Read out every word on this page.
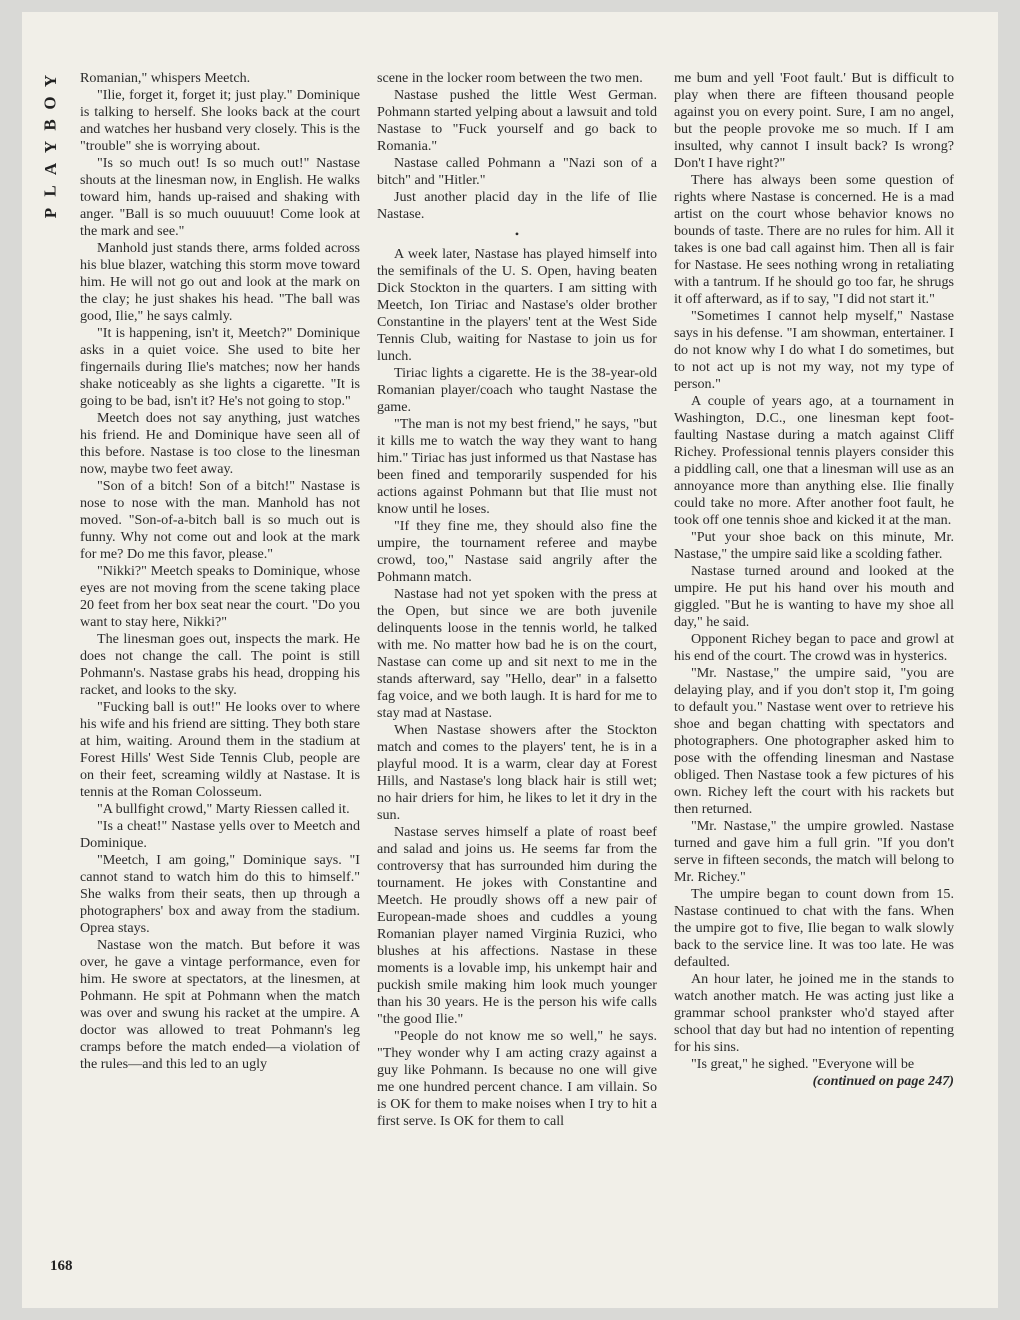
Y
O
B
Y
A
L
P

Romanian," whispers Meetch.

"Ilie, forget it, forget it; just play." Dominique is talking to herself. She looks back at the court and watches her husband very closely. This is the "trouble" she is worrying about.

"Is so much out! Is so much out!" Nastase shouts at the linesman now, in English. He walks toward him, hands up-raised and shaking with anger. "Ball is so much ouuuuut! Come look at the mark and see."

Manhold just stands there, arms folded across his blue blazer, watching this storm move toward him. He will not go out and look at the mark on the clay; he just shakes his head. "The ball was good, Ilie," he says calmly.

"It is happening, isn't it, Meetch?" Dominique asks in a quiet voice. She used to bite her fingernails during Ilie's matches; now her hands shake noticeably as she lights a cigarette. "It is going to be bad, isn't it? He's not going to stop."

Meetch does not say anything, just watches his friend. He and Dominique have seen all of this before. Nastase is too close to the linesman now, maybe two feet away.

"Son of a bitch! Son of a bitch!" Nastase is nose to nose with the man. Manhold has not moved. "Son-of-a-bitch ball is so much out is funny. Why not come out and look at the mark for me? Do me this favor, please."

"Nikki?" Meetch speaks to Dominique, whose eyes are not moving from the scene taking place 20 feet from her box seat near the court. "Do you want to stay here, Nikki?"

The linesman goes out, inspects the mark. He does not change the call. The point is still Pohmann's. Nastase grabs his head, dropping his racket, and looks to the sky.

"Fucking ball is out!" He looks over to where his wife and his friend are sitting. They both stare at him, waiting. Around them in the stadium at Forest Hills' West Side Tennis Club, people are on their feet, screaming wildly at Nastase. It is tennis at the Roman Colosseum.

"A bullfight crowd," Marty Riessen called it.

"Is a cheat!" Nastase yells over to Meetch and Dominique.

"Meetch, I am going," Dominique says. "I cannot stand to watch him do this to himself." She walks from their seats, then up through a photographers' box and away from the stadium. Oprea stays.

Nastase won the match. But before it was over, he gave a vintage performance, even for him. He swore at spectators, at the linesmen, at Pohmann. He spit at Pohmann when the match was over and swung his racket at the umpire. A doctor was allowed to treat Pohmann's leg cramps before the match ended—a violation of the rules—and this led to an ugly

scene in the locker room between the two men.

Nastase pushed the little West German. Pohmann started yelping about a lawsuit and told Nastase to "Fuck yourself and go back to Romania."

Nastase called Pohmann a "Nazi son of a bitch" and "Hitler."

Just another placid day in the life of Ilie Nastase.

•

A week later, Nastase has played himself into the semifinals of the U. S. Open, having beaten Dick Stockton in the quarters. I am sitting with Meetch, Ion Tiriac and Nastase's older brother Constantine in the players' tent at the West Side Tennis Club, waiting for Nastase to join us for lunch.

Tiriac lights a cigarette. He is the 38-year-old Romanian player/coach who taught Nastase the game.

"The man is not my best friend," he says, "but it kills me to watch the way they want to hang him." Tiriac has just informed us that Nastase has been fined and temporarily suspended for his actions against Pohmann but that Ilie must not know until he loses.

"If they fine me, they should also fine the umpire, the tournament referee and maybe crowd, too," Nastase said angrily after the Pohmann match.

Nastase had not yet spoken with the press at the Open, but since we are both juvenile delinquents loose in the tennis world, he talked with me. No matter how bad he is on the court, Nastase can come up and sit next to me in the stands afterward, say "Hello, dear" in a falsetto fag voice, and we both laugh. It is hard for me to stay mad at Nastase.

When Nastase showers after the Stockton match and comes to the players' tent, he is in a playful mood. It is a warm, clear day at Forest Hills, and Nastase's long black hair is still wet; no hair driers for him, he likes to let it dry in the sun.

Nastase serves himself a plate of roast beef and salad and joins us. He seems far from the controversy that has surrounded him during the tournament. He jokes with Constantine and Meetch. He proudly shows off a new pair of European-made shoes and cuddles a young Romanian player named Virginia Ruzici, who blushes at his affections. Nastase in these moments is a lovable imp, his unkempt hair and puckish smile making him look much younger than his 30 years. He is the person his wife calls "the good Ilie."

"People do not know me so well," he says. "They wonder why I am acting crazy against a guy like Pohmann. Is because no one will give me one hundred percent chance. I am villain. So is OK for them to make noises when I try to hit a first serve. Is OK for them to call

me bum and yell 'Foot fault.' But is difficult to play when there are fifteen thousand people against you on every point. Sure, I am no angel, but the people provoke me so much. If I am insulted, why cannot I insult back? Is wrong? Don't I have right?"

There has always been some question of rights where Nastase is concerned. He is a mad artist on the court whose behavior knows no bounds of taste. There are no rules for him. All it takes is one bad call against him. Then all is fair for Nastase. He sees nothing wrong in retaliating with a tantrum. If he should go too far, he shrugs it off afterward, as if to say, "I did not start it."

"Sometimes I cannot help myself," Nastase says in his defense. "I am showman, entertainer. I do not know why I do what I do sometimes, but to not act up is not my way, not my type of person."

A couple of years ago, at a tournament in Washington, D.C., one linesman kept foot-faulting Nastase during a match against Cliff Richey. Professional tennis players consider this a piddling call, one that a linesman will use as an annoyance more than anything else. Ilie finally could take no more. After another foot fault, he took off one tennis shoe and kicked it at the man.

"Put your shoe back on this minute, Mr. Nastase," the umpire said like a scolding father.

Nastase turned around and looked at the umpire. He put his hand over his mouth and giggled. "But he is wanting to have my shoe all day," he said.

Opponent Richey began to pace and growl at his end of the court. The crowd was in hysterics.

"Mr. Nastase," the umpire said, "you are delaying play, and if you don't stop it, I'm going to default you." Nastase went over to retrieve his shoe and began chatting with spectators and photographers. One photographer asked him to pose with the offending linesman and Nastase obliged. Then Nastase took a few pictures of his own. Richey left the court with his rackets but then returned.

"Mr. Nastase," the umpire growled. Nastase turned and gave him a full grin. "If you don't serve in fifteen seconds, the match will belong to Mr. Richey."

The umpire began to count down from 15. Nastase continued to chat with the fans. When the umpire got to five, Ilie began to walk slowly back to the service line. It was too late. He was defaulted.

An hour later, he joined me in the stands to watch another match. He was acting just like a grammar school prankster who'd stayed after school that day but had no intention of repenting for his sins.

"Is great," he sighed. "Everyone will be

(continued on page 247)

168
